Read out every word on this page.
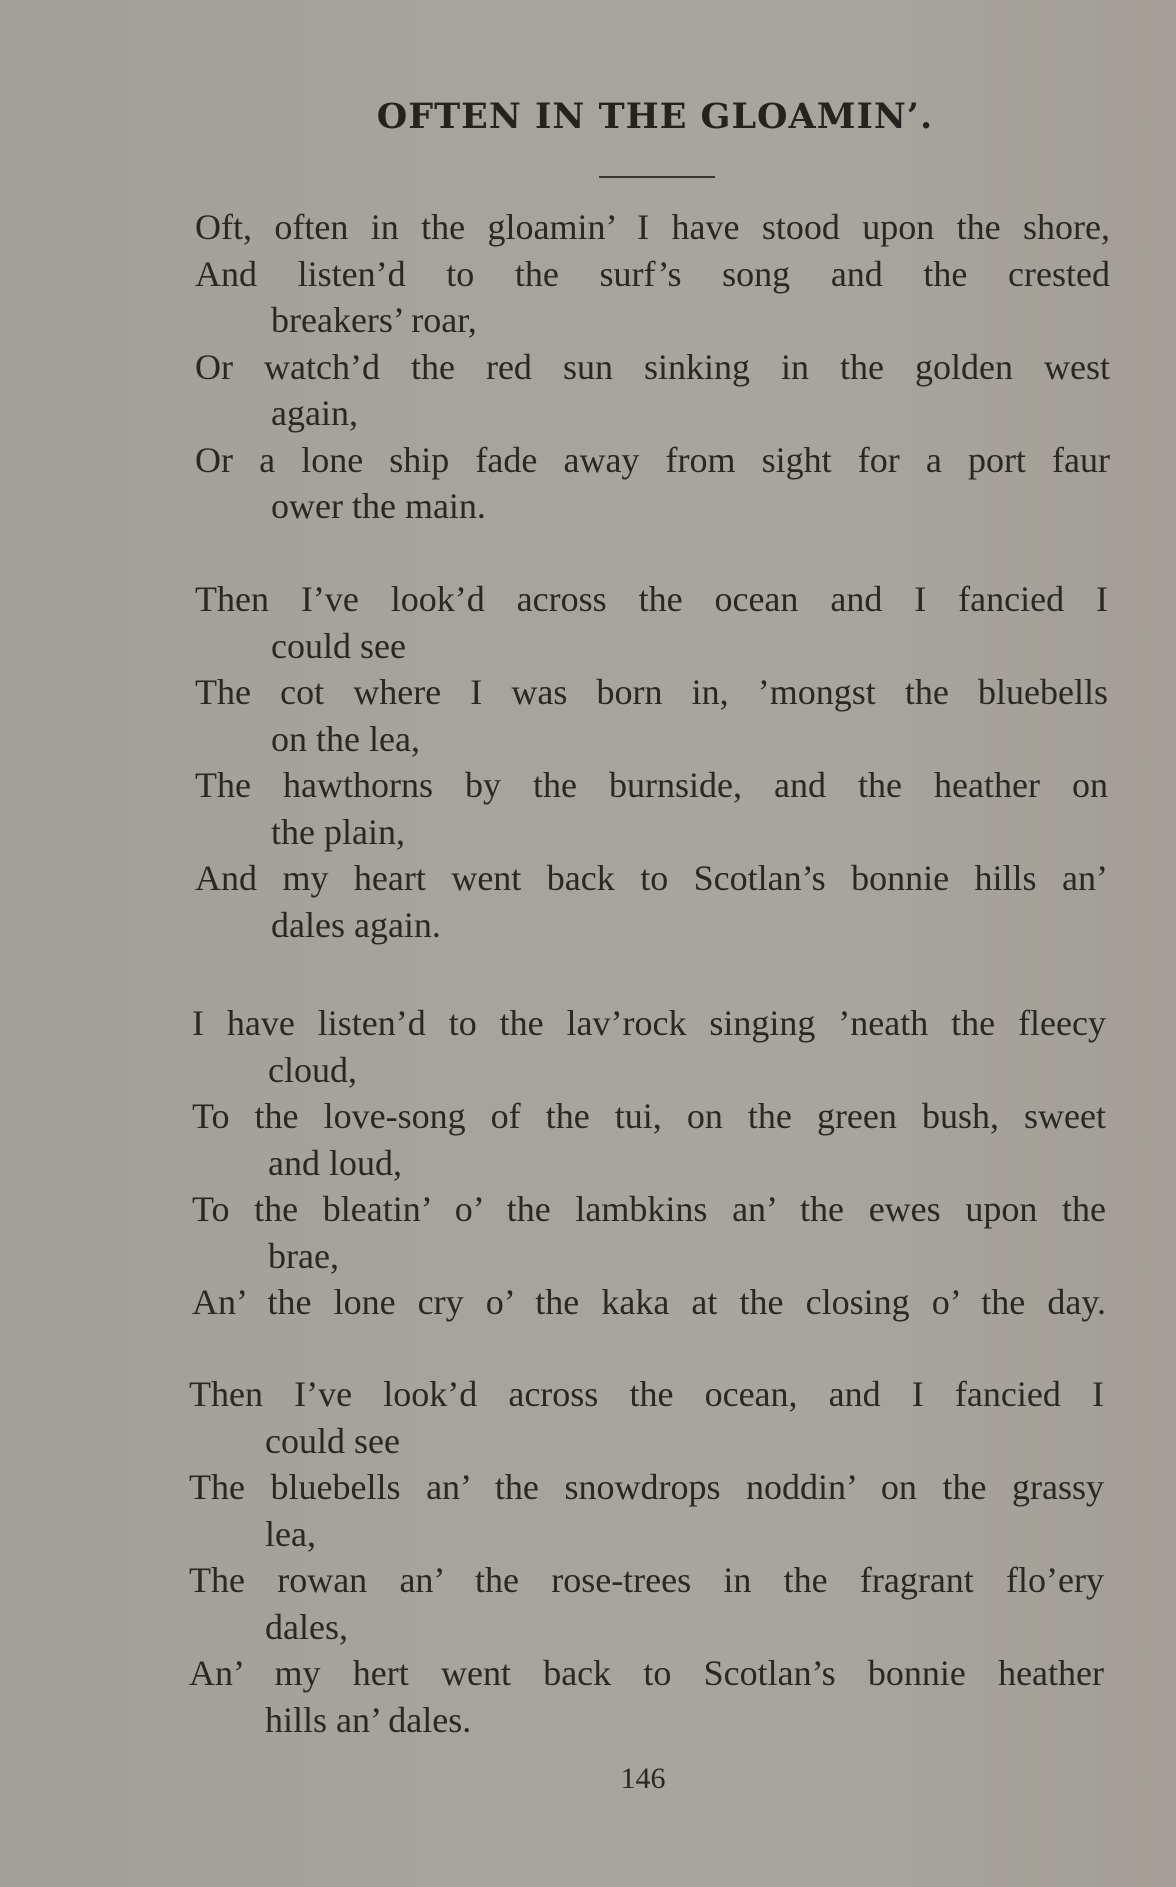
OFTEN IN THE GLOAMIN’.
Oft, often in the gloamin’ I have stood upon the shore,
And listen’d to the surf’s song and the crested
breakers’ roar,
Or watch’d the red sun sinking in the golden west
again,
Or a lone ship fade away from sight for a port faur
ower the main.
Then I’ve look’d across the ocean and I fancied I
could see
The cot where I was born in, ’mongst the bluebells
on the lea,
The hawthorns by the burnside, and the heather on
the plain,
And my heart went back to Scotlan’s bonnie hills an’
dales again.
I have listen’d to the lav’rock singing ’neath the fleecy
cloud,
To the love-song of the tui, on the green bush, sweet
and loud,
To the bleatin’ o’ the lambkins an’ the ewes upon the
brae,
An’ the lone cry o’ the kaka at the closing o’ the day.
Then I’ve look’d across the ocean, and I fancied I
could see
The bluebells an’ the snowdrops noddin’ on the grassy
lea,
The rowan an’ the rose-trees in the fragrant flo’ery
dales,
An’ my hert went back to Scotlan’s bonnie heather
hills an’ dales.
146
